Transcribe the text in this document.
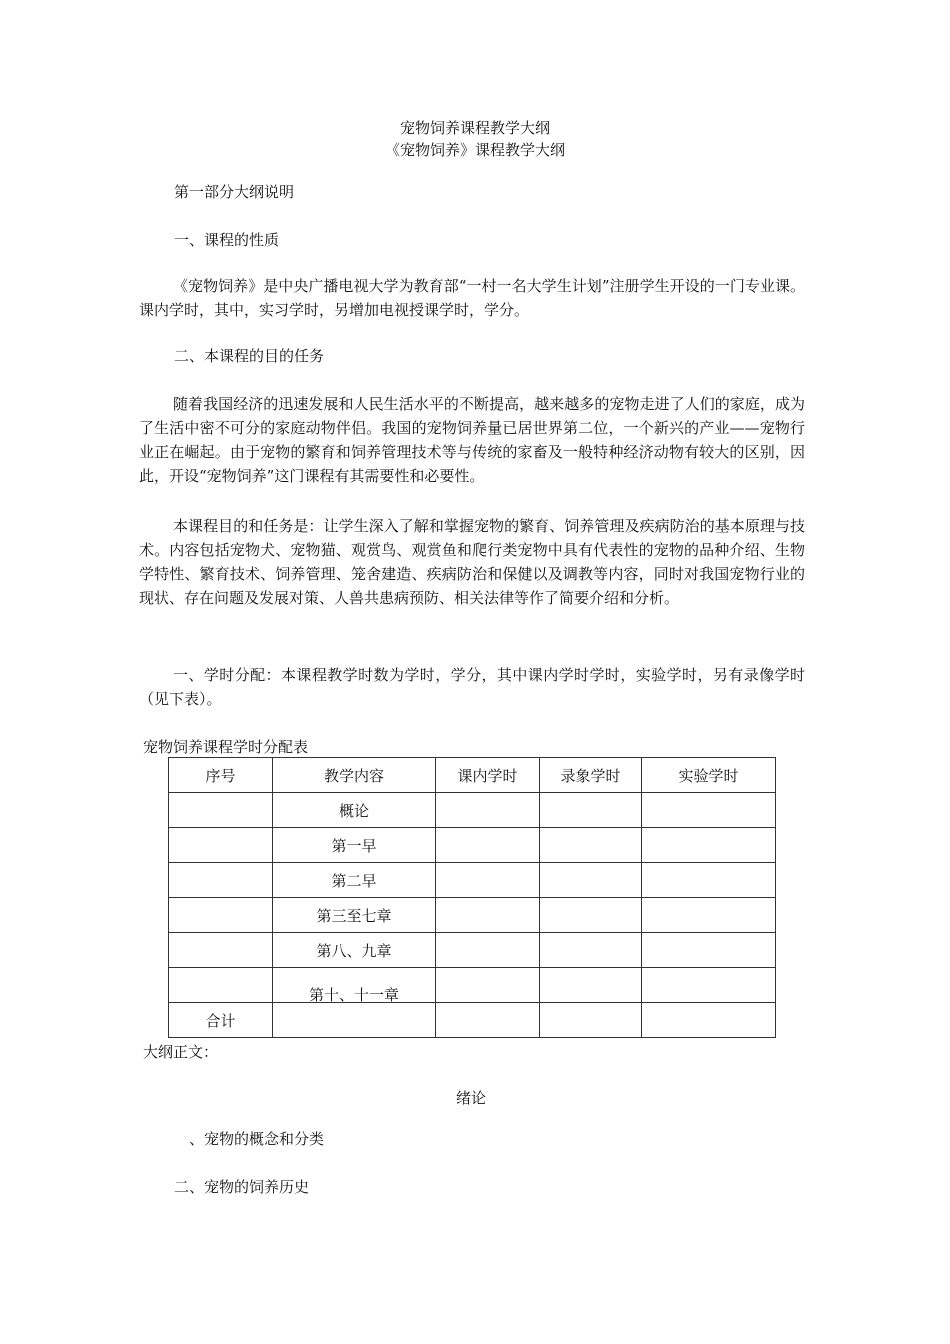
宠物饲养课程教学大纲
《宠物饲养》课程教学大纲
第一部分大纲说明
一、课程的性质
《宠物饲养》是中央广播电视大学为教育部“一村一名大学生计划”注册学生开设的一门专业课。课内学时，其中，实习学时，另增加电视授课学时，学分。
二、本课程的目的任务
随着我国经济的迅速发展和人民生活水平的不断提高，越来越多的宠物走进了人们的家庭，成为了生活中密不可分的家庭动物伴侣。我国的宠物饲养量已居世界第二位，一个新兴的产业——宠物行业正在崛起。由于宠物的繁育和饲养管理技术等与传统的家畜及一般特种经济动物有较大的区别，因此，开设“宠物饲养”这门课程有其需要性和必要性。
本课程目的和任务是：让学生深入了解和掌握宠物的繁育、饲养管理及疾病防治的基本原理与技术。内容包括宠物犬、宠物猫、观赏鸟、观赏鱼和爬行类宠物中具有代表性的宠物的品种介绍、生物学特性、繁育技术、饲养管理、笼舍建造、疾病防治和保健以及调教等内容，同时对我国宠物行业的现状、存在问题及发展对策、人兽共患病预防、相关法律等作了简要介绍和分析。
一、学时分配：本课程教学时数为学时，学分，其中课内学时学时，实验学时，另有录像学时（见下表）。
宠物饲养课程学时分配表
序号	教学内容	课内学时	录象学时	实验学时
	概论			
	第一早			
	第二早			
	第三至七章			
	第八、九章			
	第十、十一章			
合计				
大纲正文：
绪论
、宠物的概念和分类
二、宠物的饲养历史
